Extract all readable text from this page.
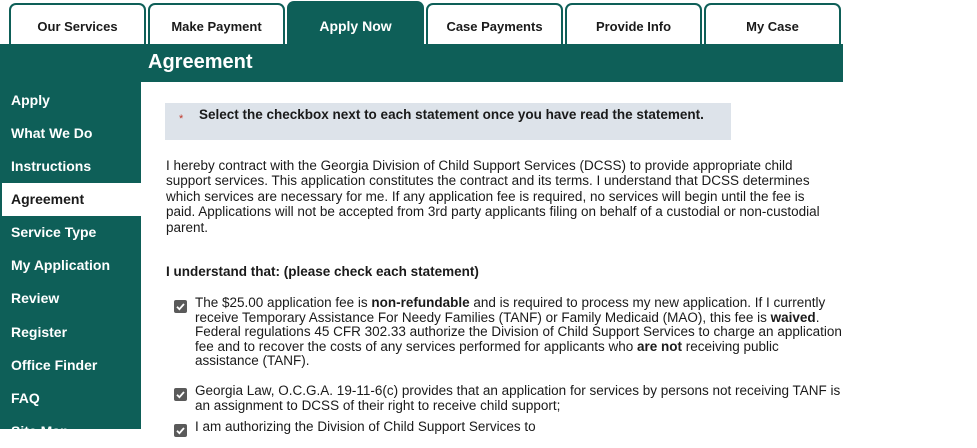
Our Services	Make Payment	Apply Now	Case Payments	Provide Info	My Case
Agreement
Apply
What We Do
Instructions
Agreement
Service Type
My Application
Review
Register
Office Finder
FAQ
Site Map
* Select the checkbox next to each statement once you have read the statement.
I hereby contract with the Georgia Division of Child Support Services (DCSS) to provide appropriate child support services. This application constitutes the contract and its terms. I understand that DCSS determines which services are necessary for me. If any application fee is required, no services will begin until the fee is paid. Applications will not be accepted from 3rd party applicants filing on behalf of a custodial or non-custodial parent.
I understand that: (please check each statement)
The $25.00 application fee is non-refundable and is required to process my new application. If I currently receive Temporary Assistance For Needy Families (TANF) or Family Medicaid (MAO), this fee is waived. Federal regulations 45 CFR 302.33 authorize the Division of Child Support Services to charge an application fee and to recover the costs of any services performed for applicants who are not receiving public assistance (TANF).
Georgia Law, O.C.G.A. 19-11-6(c) provides that an application for services by persons not receiving TANF is an assignment to DCSS of their right to receive child support;
I am authorizing the Division of Child Support Services to
